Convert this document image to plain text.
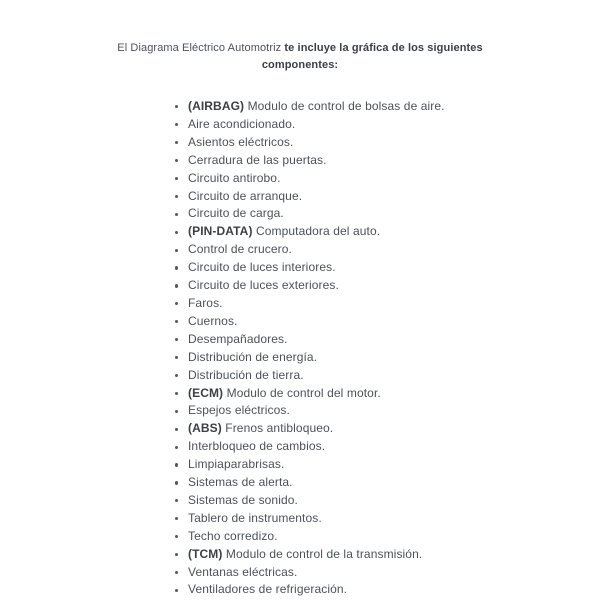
El Diagrama Eléctrico Automotriz te incluye la gráfica de los siguientes
componentes:

(AIRBAG) Modulo de control de bolsas de aire.
Aire acondicionado.
Asientos eléctricos.
Cerradura de las puertas.
Circuito antirobo.
Circuito de arranque.
Circuito de carga.
(PIN-DATA) Computadora del auto.
Control de crucero.
Circuito de luces interiores.
Circuito de luces exteriores.
Faros.
Cuernos.
Desempañadores.
Distribución de energía.
Distribución de tierra.
(ECM) Modulo de control del motor.
Espejos eléctricos.
(ABS) Frenos antibloqueo.
Interbloqueo de cambios.
Limpiaparabrisas.
Sistemas de alerta.
Sistemas de sonido.
Tablero de instrumentos.
Techo corredizo.
(TCM) Modulo de control de la transmisión.
Ventanas eléctricas.
Ventiladores de refrigeración.
